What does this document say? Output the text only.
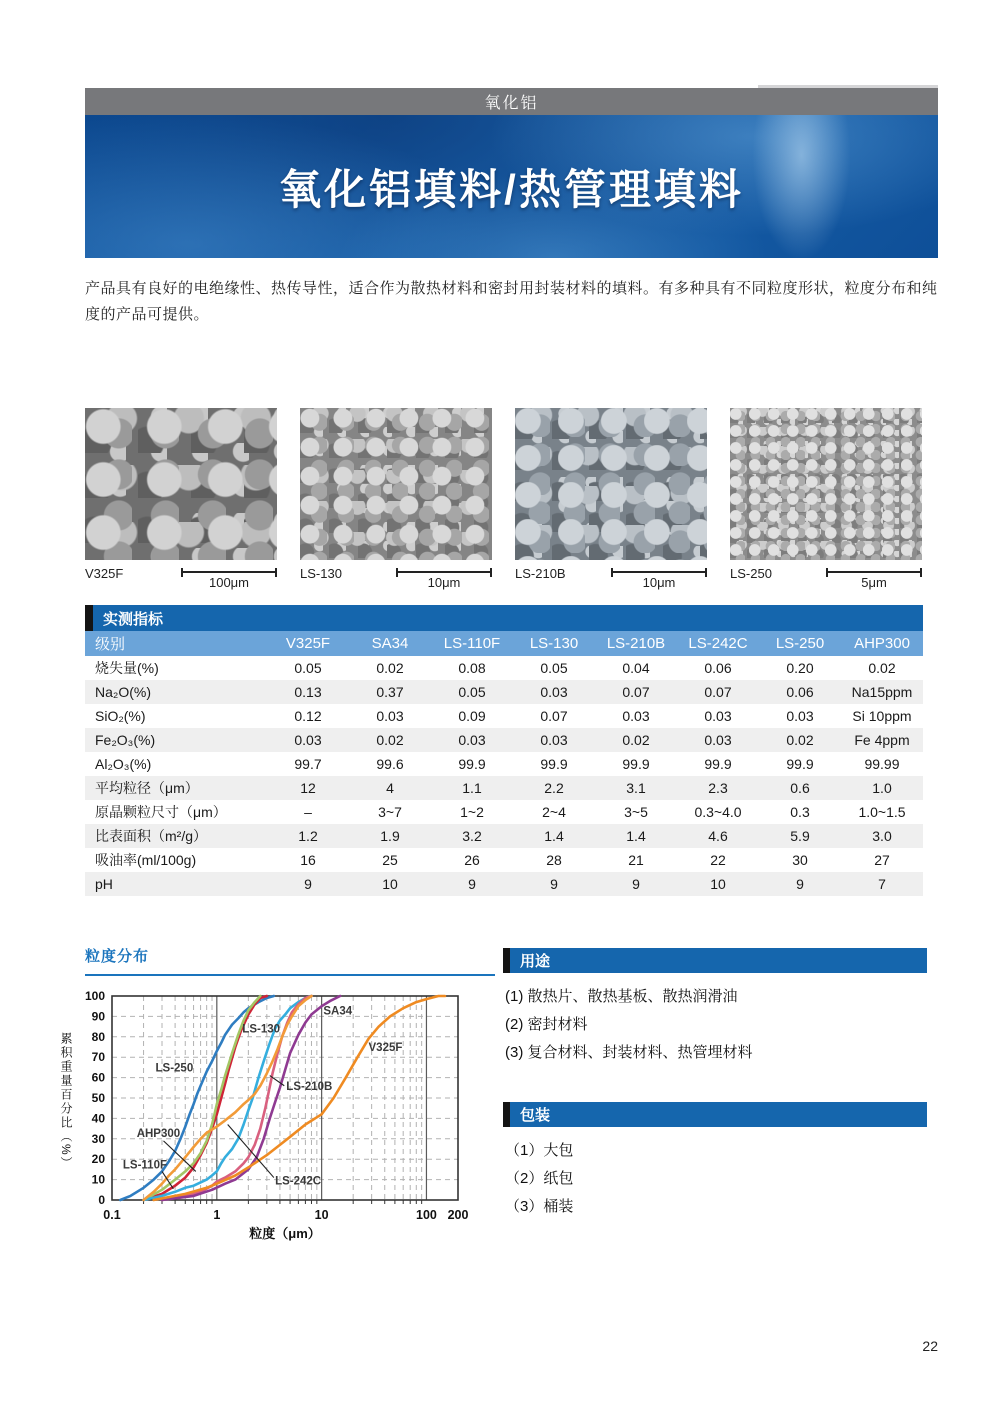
氧化铝
氧化铝填料/热管理填料
产品具有良好的电绝缘性、热传导性，适合作为散热材料和密封用封装材料的填料。有多种具有不同粒度形状，粒度分布和纯度的产品可提供。
V325F
100μm
LS-130
10μm
LS-210B
10μm
LS-250
5μm
实测指标
级别	V325F	SA34	LS-110F	LS-130	LS-210B	LS-242C	LS-250	AHP300
烧失量(%)	0.05	0.02	0.08	0.05	0.04	0.06	0.20	0.02
Na₂O(%)	0.13	0.37	0.05	0.03	0.07	0.07	0.06	Na15ppm
SiO₂(%)	0.12	0.03	0.09	0.07	0.03	0.03	0.03	Si 10ppm
Fe₂O₃(%)	0.03	0.02	0.03	0.03	0.02	0.03	0.02	Fe 4ppm
Al₂O₃(%)	99.7	99.6	99.9	99.9	99.9	99.9	99.9	99.99
平均粒径（μm）	12	4	1.1	2.2	3.1	2.3	0.6	1.0
原晶颗粒尺寸（μm）	–	3~7	1~2	2~4	3~5	0.3~4.0	0.3	1.0~1.5
比表面积（m²/g）	1.2	1.9	3.2	1.4	1.4	4.6	5.9	3.0
吸油率(ml/100g)	16	25	26	28	21	22	30	27
pH	9	10	9	9	9	10	9	7
粒度分布
累积重量百分比（%）	LS-250
LS-130
SA34
V325F
LS-210B
AHP300
LS-110F
LS-242C
0
10
20
30
40
50
60
70
80
90
100
0.1	1	10	100 200
粒度（μm）
用途
(1) 散热片、散热基板、散热润滑油
(2) 密封材料
(3) 复合材料、封装材料、热管埋材料
包装
（1）大包
（2）纸包
（3）桶装
22
